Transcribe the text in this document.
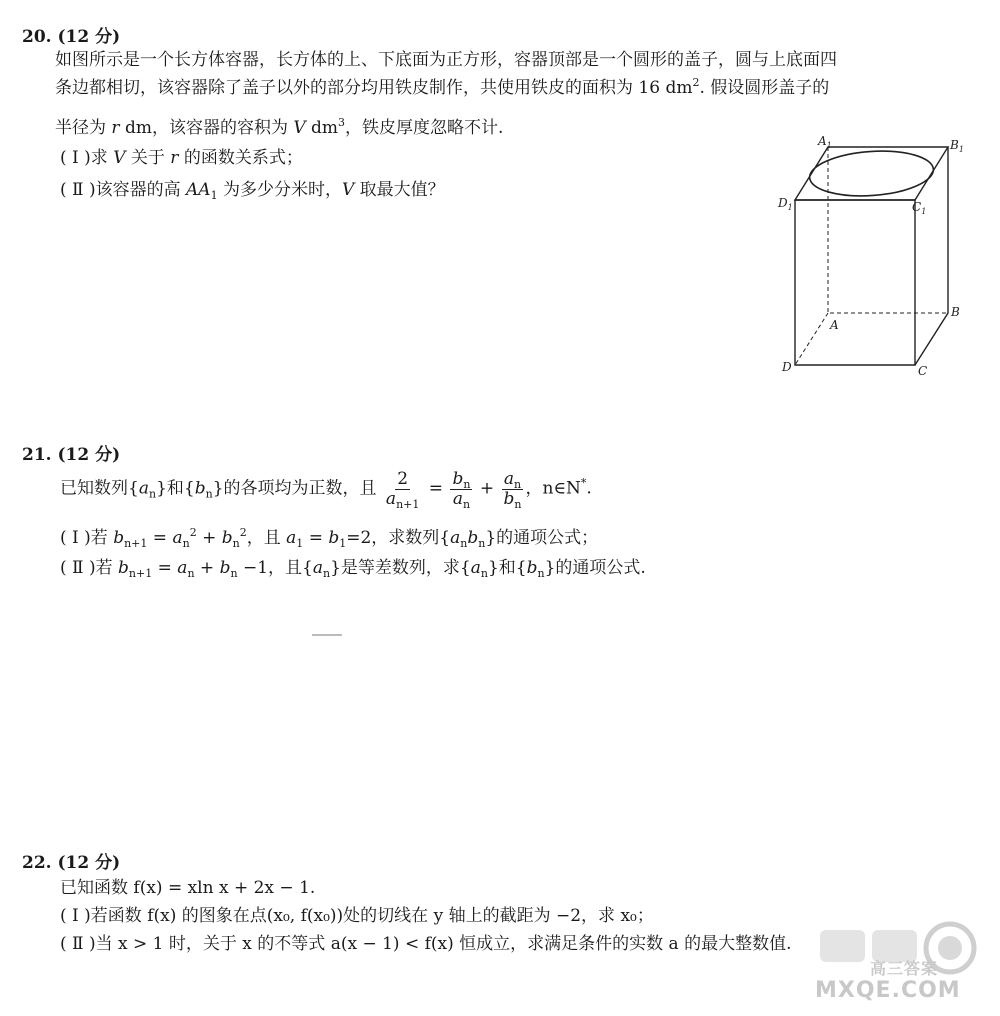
20. (12 分)
如图所示是一个长方体容器，长方体的上、下底面为正方形，容器顶部是一个圆形的盖子，圆与上底面四
条边都相切，该容器除了盖子以外的部分均用铁皮制作，共使用铁皮的面积为 16 $dm^2$. 假设圆形盖子的
半径为 r dm，该容器的容积为 V $dm^3$，铁皮厚度忽略不计.
( Ⅰ )求 V 关于 r 的函数关系式；
( Ⅱ )该容器的高 $AA_1$ 为多少分米时，V 取最大值？
$A_1$	$B_1$
$C_1$
$D_1$
A
B
C
D
21. (12 分)
已知数列$\{a_n\}$和$\{b_n\}$的各项均为正数，且 $\frac{2}{a_{n+1}} = \frac{b_n}{a_n} + \frac{a_n}{b_n}$ ，n∈N*.
( Ⅰ )若 $b_{n+1} = a_n^2 + b_n^2$，且 $a_1 = b_1=2$，求数列$\{a_nb_n\}$的通项公式；
( Ⅱ )若 $b_{n+1} = a_n + b_n -1$，且$\{a_n\}$是等差数列，求$\{a_n\}$和$\{b_n\}$的通项公式.
22. (12 分)
已知函数 f(x) = xln x + 2x − 1.
( Ⅰ )若函数 f(x) 的图象在点(x₀, f(x₀))处的切线在 y 轴上的截距为 −2，求 x₀；
( Ⅱ )当 x > 1 时，关于 x 的不等式 a(x − 1) < f(x) 恒成立，求满足条件的实数 a 的最大整数值.
高三答案
MXQE.COM
